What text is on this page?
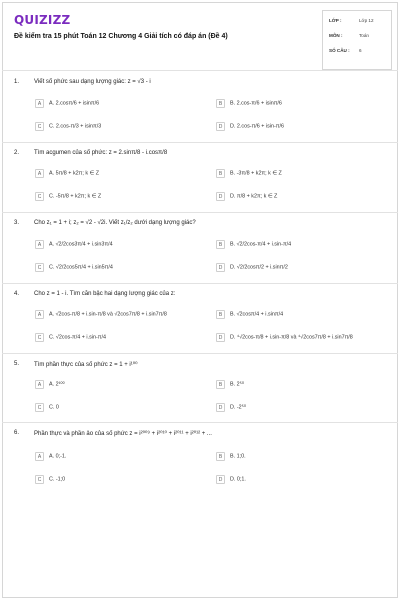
QUIZIZZ
Đề kiểm tra 15 phút Toán 12 Chương 4 Giải tích có đáp án (Đề 4)
LỚP :	Lớp 12
MÔN :	Toán
SỐ CÂU : 6
1. Viết số phức sau dạng lượng giác: z = √3 - i
A A. 2.cosπ/6 + isinπ/6	B B. 2.cos-π/6 + isinπ/6
C C. 2.cos-π/3 + isinπ/3	D D. 2.cos-π/6 + isin-π/6
2. Tìm acgumen của số phức: z = 2.sinπ/8 - i.cosπ/8
A A. 5π/8 + k2π; k ∈ Z	B B. -3π/8 + k2π; k ∈ Z
C C. -5π/8 + k2π; k ∈ Z	D D. π/8 + k2π; k ∈ Z
3. Cho z₁ = 1 + i; z₂ = √2 - √2i. Viết z₁/z₂ dưới dạng lượng giác?
A A. √2/2cos3π/4 + i.sin3π/4	B B. √2/2cos-π/4 + i.sin-π/4
C C. √2/2cos5π/4 + i.sin5π/4	D D. √2/2cosπ/2 + i.sinπ/2
4. Cho z = 1 - i. Tìm căn bậc hai dạng lượng giác của z:
A A. √2cos-π/8 + i.sin-π/8 và √2cos7π/8 + i.sin7π/8	B B. √2cosπ/4 + i.sinπ/4
C C. √2cos-π/4 + i.sin-π/4	D D. ⁴√2cos-π/8 + i.sin-π/8 và ⁴√2cos7π/8 + i.sin7π/8
5. Tìm phần thực của số phức z = 1 + i¹⁰⁰
A A. 2¹⁰⁰	B B. 2⁵⁰
C C. 0	D D. -2⁵⁰
6. Phần thực và phần ảo của số phức z = i²⁰⁰⁹ + i²⁰¹⁰ + i²⁰¹¹ + i²⁰¹² + ...
A A. 0;-1.	B B. 1;0.
C C. -1;0	D D. 0;1.
